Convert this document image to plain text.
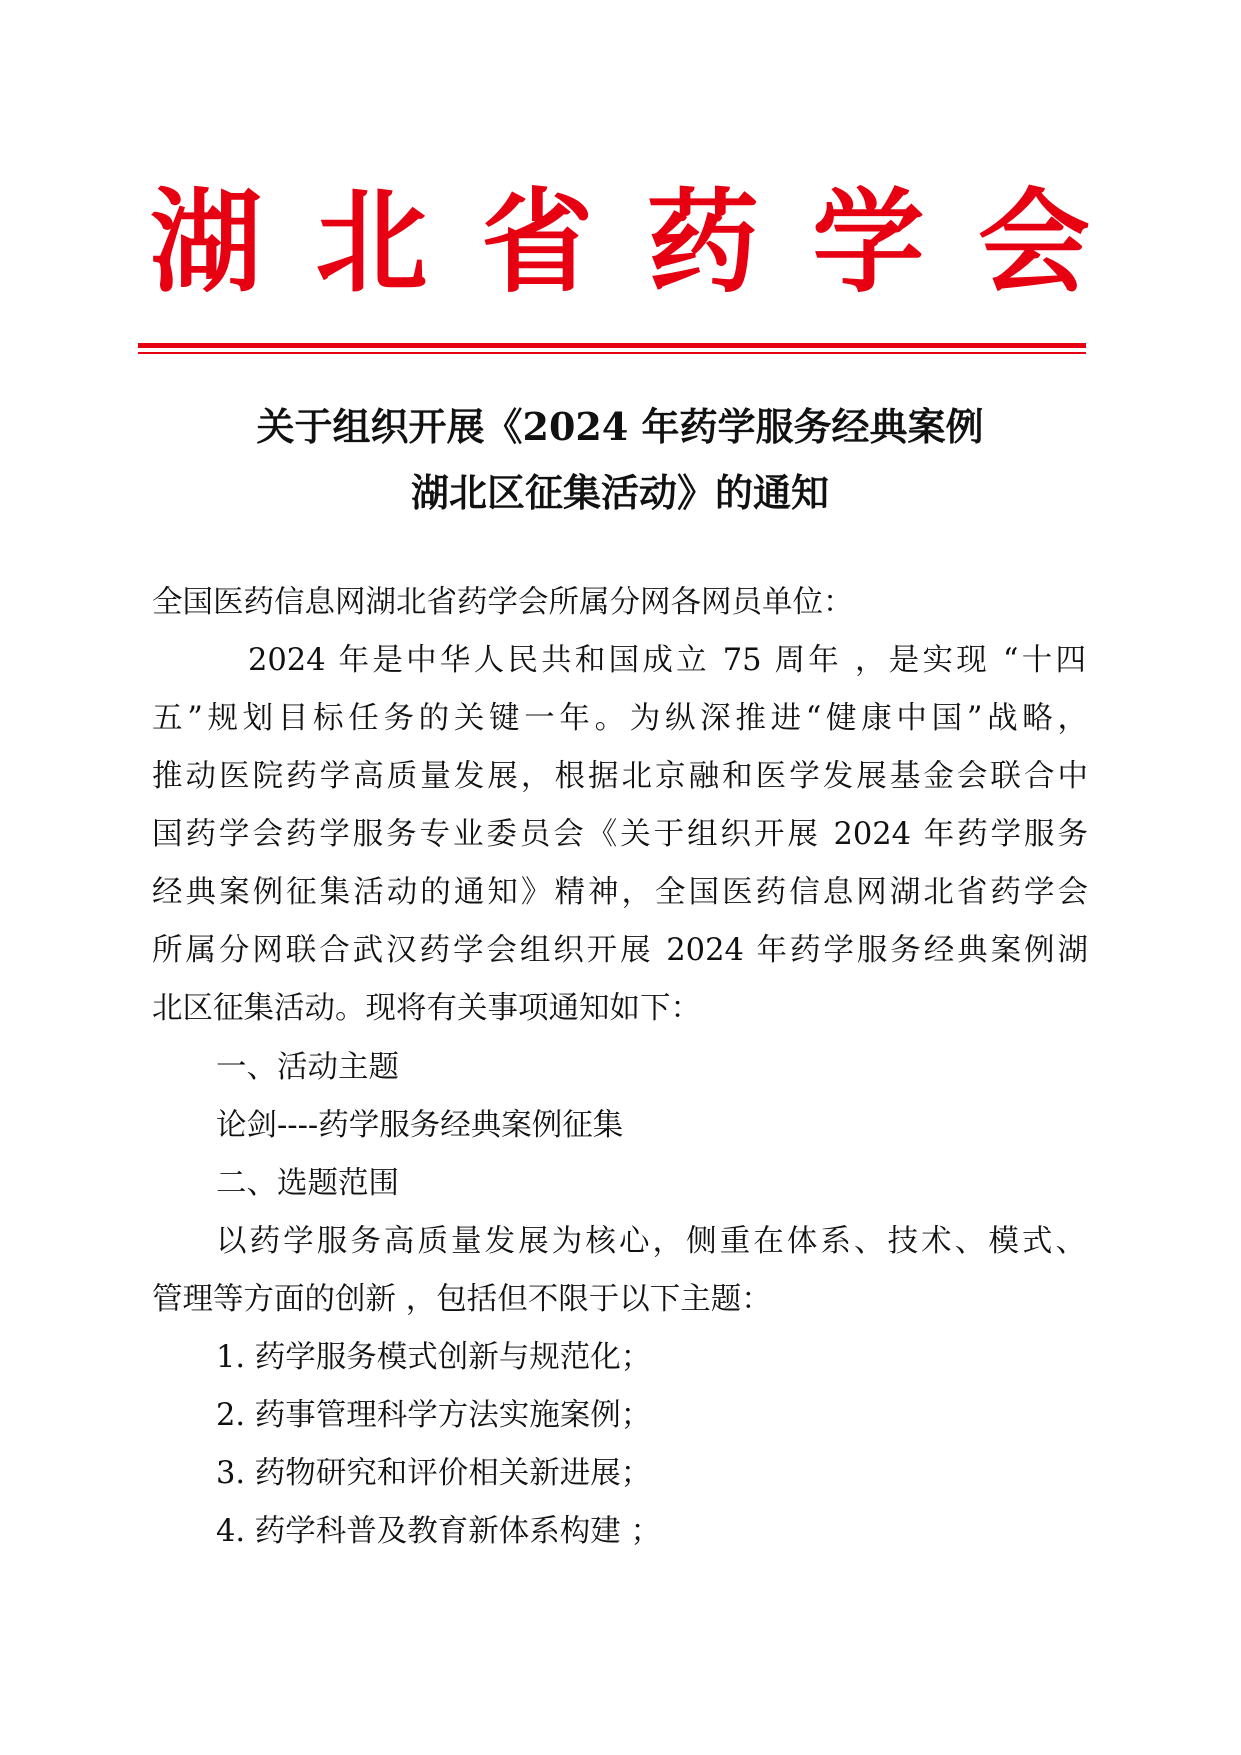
湖 北 省 药 学 会
关于组织开展《2024 年药学服务经典案例
湖北区征集活动》的通知
全国医药信息网湖北省药学会所属分网各网员单位：
2024 年是中华人民共和国成立 75 周年 ，是实现 “十四
五”规划目标任务的关键一年。为纵深推进“健康中国”战略，
推动医院药学高质量发展，根据北京融和医学发展基金会联合中
国药学会药学服务专业委员会《关于组织开展 2024 年药学服务
经典案例征集活动的通知》精神，全国医药信息网湖北省药学会
所属分网联合武汉药学会组织开展 2024 年药学服务经典案例湖
北区征集活动。现将有关事项通知如下：
一、活动主题
论剑----药学服务经典案例征集
二、选题范围
以药学服务高质量发展为核心，侧重在体系、技术、模式、
管理等方面的创新 ，包括但不限于以下主题：
1. 药学服务模式创新与规范化；
2. 药事管理科学方法实施案例；
3. 药物研究和评价相关新进展；
4. 药学科普及教育新体系构建 ；
